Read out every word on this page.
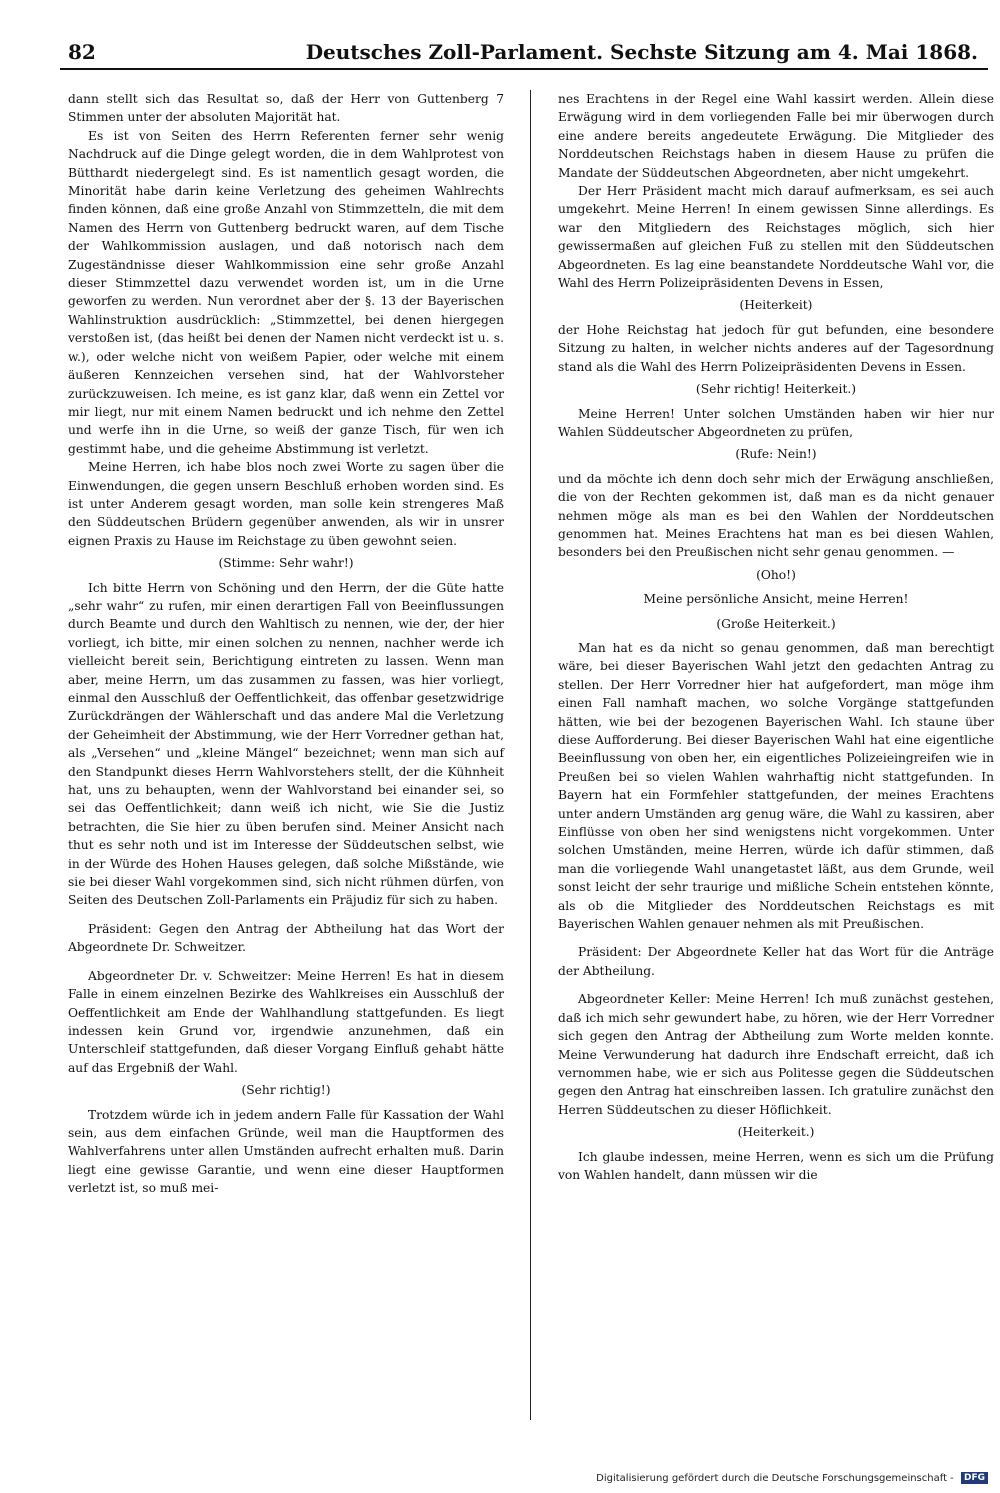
82	Deutsches Zoll-Parlament. Sechste Sitzung am 4. Mai 1868.

dann stellt sich das Resultat so, daß der Herr von Guttenberg 7 Stimmen unter der absoluten Majorität hat.

Es ist von Seiten des Herrn Referenten ferner sehr wenig Nachdruck auf die Dinge gelegt worden, die in dem Wahlprotest von Bütthardt niedergelegt sind. Es ist namentlich gesagt worden, die Minorität habe darin keine Verletzung des geheimen Wahlrechts finden können, daß eine große Anzahl von Stimmzetteln, die mit dem Namen des Herrn von Guttenberg bedruckt waren, auf dem Tische der Wahlkommission auslagen, und daß notorisch nach dem Zugeständnisse dieser Wahlkommission eine sehr große Anzahl dieser Stimmzettel dazu verwendet worden ist, um in die Urne geworfen zu werden. Nun verordnet aber der §. 13 der Bayerischen Wahlinstruktion ausdrücklich: „Stimmzettel, bei denen hiergegen verstoßen ist, (das heißt bei denen der Namen nicht verdeckt ist u. s. w.), oder welche nicht von weißem Papier, oder welche mit einem äußeren Kennzeichen versehen sind, hat der Wahlvorsteher zurückzuweisen. Ich meine, es ist ganz klar, daß wenn ein Zettel vor mir liegt, nur mit einem Namen bedruckt und ich nehme den Zettel und werfe ihn in die Urne, so weiß der ganze Tisch, für wen ich gestimmt habe, und die geheime Abstimmung ist verletzt.

Meine Herren, ich habe blos noch zwei Worte zu sagen über die Einwendungen, die gegen unsern Beschluß erhoben worden sind. Es ist unter Anderem gesagt worden, man solle kein strengeres Maß den Süddeutschen Brüdern gegenüber anwenden, als wir in unsrer eignen Praxis zu Hause im Reichstage zu üben gewohnt seien.

(Stimme: Sehr wahr!)

Ich bitte Herrn von Schöning und den Herrn, der die Güte hatte „sehr wahr“ zu rufen, mir einen derartigen Fall von Beeinflussungen durch Beamte und durch den Wahltisch zu nennen, wie der, der hier vorliegt, ich bitte, mir einen solchen zu nennen, nachher werde ich vielleicht bereit sein, Berichtigung eintreten zu lassen. Wenn man aber, meine Herrn, um das zusammen zu fassen, was hier vorliegt, einmal den Ausschluß der Oeffentlichkeit, das offenbar gesetzwidrige Zurückdrängen der Wählerschaft und das andere Mal die Verletzung der Geheimheit der Abstimmung, wie der Herr Vorredner gethan hat, als „Versehen“ und „kleine Mängel“ bezeichnet; wenn man sich auf den Standpunkt dieses Herrn Wahlvorstehers stellt, der die Kühnheit hat, uns zu behaupten, wenn der Wahlvorstand bei einander sei, so sei das Oeffentlichkeit; dann weiß ich nicht, wie Sie die Justiz betrachten, die Sie hier zu üben berufen sind. Meiner Ansicht nach thut es sehr noth und ist im Interesse der Süddeutschen selbst, wie in der Würde des Hohen Hauses gelegen, daß solche Mißstände, wie sie bei dieser Wahl vorgekommen sind, sich nicht rühmen dürfen, von Seiten des Deutschen Zoll-Parlaments ein Präjudiz für sich zu haben.

Präsident: Gegen den Antrag der Abtheilung hat das Wort der Abgeordnete Dr. Schweitzer.

Abgeordneter Dr. v. Schweitzer: Meine Herren! Es hat in diesem Falle in einem einzelnen Bezirke des Wahlkreises ein Ausschluß der Oeffentlichkeit am Ende der Wahlhandlung stattgefunden. Es liegt indessen kein Grund vor, irgendwie anzunehmen, daß ein Unterschleif stattgefunden, daß dieser Vorgang Einfluß gehabt hätte auf das Ergebniß der Wahl.

(Sehr richtig!)

Trotzdem würde ich in jedem andern Falle für Kassation der Wahl sein, aus dem einfachen Gründe, weil man die Hauptformen des Wahlverfahrens unter allen Umständen aufrecht erhalten muß. Darin liegt eine gewisse Garantie, und wenn eine dieser Hauptformen verletzt ist, so muß mei-

nes Erachtens in der Regel eine Wahl kassirt werden. Allein diese Erwägung wird in dem vorliegenden Falle bei mir überwogen durch eine andere bereits angedeutete Erwägung. Die Mitglieder des Norddeutschen Reichstags haben in diesem Hause zu prüfen die Mandate der Süddeutschen Abgeordneten, aber nicht umgekehrt.

Der Herr Präsident macht mich darauf aufmerksam, es sei auch umgekehrt. Meine Herren! In einem gewissen Sinne allerdings. Es war den Mitgliedern des Reichstages möglich, sich hier gewissermaßen auf gleichen Fuß zu stellen mit den Süddeutschen Abgeordneten. Es lag eine beanstandete Norddeutsche Wahl vor, die Wahl des Herrn Polizeipräsidenten Devens in Essen,

(Heiterkeit)

der Hohe Reichstag hat jedoch für gut befunden, eine besondere Sitzung zu halten, in welcher nichts anderes auf der Tagesordnung stand als die Wahl des Herrn Polizeipräsidenten Devens in Essen.

(Sehr richtig! Heiterkeit.)

Meine Herren! Unter solchen Umständen haben wir hier nur Wahlen Süddeutscher Abgeordneten zu prüfen,

(Rufe: Nein!)

und da möchte ich denn doch sehr mich der Erwägung anschließen, die von der Rechten gekommen ist, daß man es da nicht genauer nehmen möge als man es bei den Wahlen der Norddeutschen genommen hat. Meines Erachtens hat man es bei diesen Wahlen, besonders bei den Preußischen nicht sehr genau genommen. —

(Oho!)

Meine persönliche Ansicht, meine Herren!

(Große Heiterkeit.)

Man hat es da nicht so genau genommen, daß man berechtigt wäre, bei dieser Bayerischen Wahl jetzt den gedachten Antrag zu stellen. Der Herr Vorredner hier hat aufgefordert, man möge ihm einen Fall namhaft machen, wo solche Vorgänge stattgefunden hätten, wie bei der bezogenen Bayerischen Wahl. Ich staune über diese Aufforderung. Bei dieser Bayerischen Wahl hat eine eigentliche Beeinflussung von oben her, ein eigentliches Polizeieingreifen wie in Preußen bei so vielen Wahlen wahrhaftig nicht stattgefunden. In Bayern hat ein Formfehler stattgefunden, der meines Erachtens unter andern Umständen arg genug wäre, die Wahl zu kassiren, aber Einflüsse von oben her sind wenigstens nicht vorgekommen. Unter solchen Umständen, meine Herren, würde ich dafür stimmen, daß man die vorliegende Wahl unangetastet läßt, aus dem Grunde, weil sonst leicht der sehr traurige und mißliche Schein entstehen könnte, als ob die Mitglieder des Norddeutschen Reichstags es mit Bayerischen Wahlen genauer nehmen als mit Preußischen.

Präsident: Der Abgeordnete Keller hat das Wort für die Anträge der Abtheilung.

Abgeordneter Keller: Meine Herren! Ich muß zunächst gestehen, daß ich mich sehr gewundert habe, zu hören, wie der Herr Vorredner sich gegen den Antrag der Abtheilung zum Worte melden konnte. Meine Verwunderung hat dadurch ihre Endschaft erreicht, daß ich vernommen habe, wie er sich aus Politesse gegen die Süddeutschen gegen den Antrag hat einschreiben lassen. Ich gratulire zunächst den Herren Süddeutschen zu dieser Höflichkeit.

(Heiterkeit.)

Ich glaube indessen, meine Herren, wenn es sich um die Prüfung von Wahlen handelt, dann müssen wir die

Digitalisierung gefördert durch die Deutsche Forschungsgemeinschaft - DFG
